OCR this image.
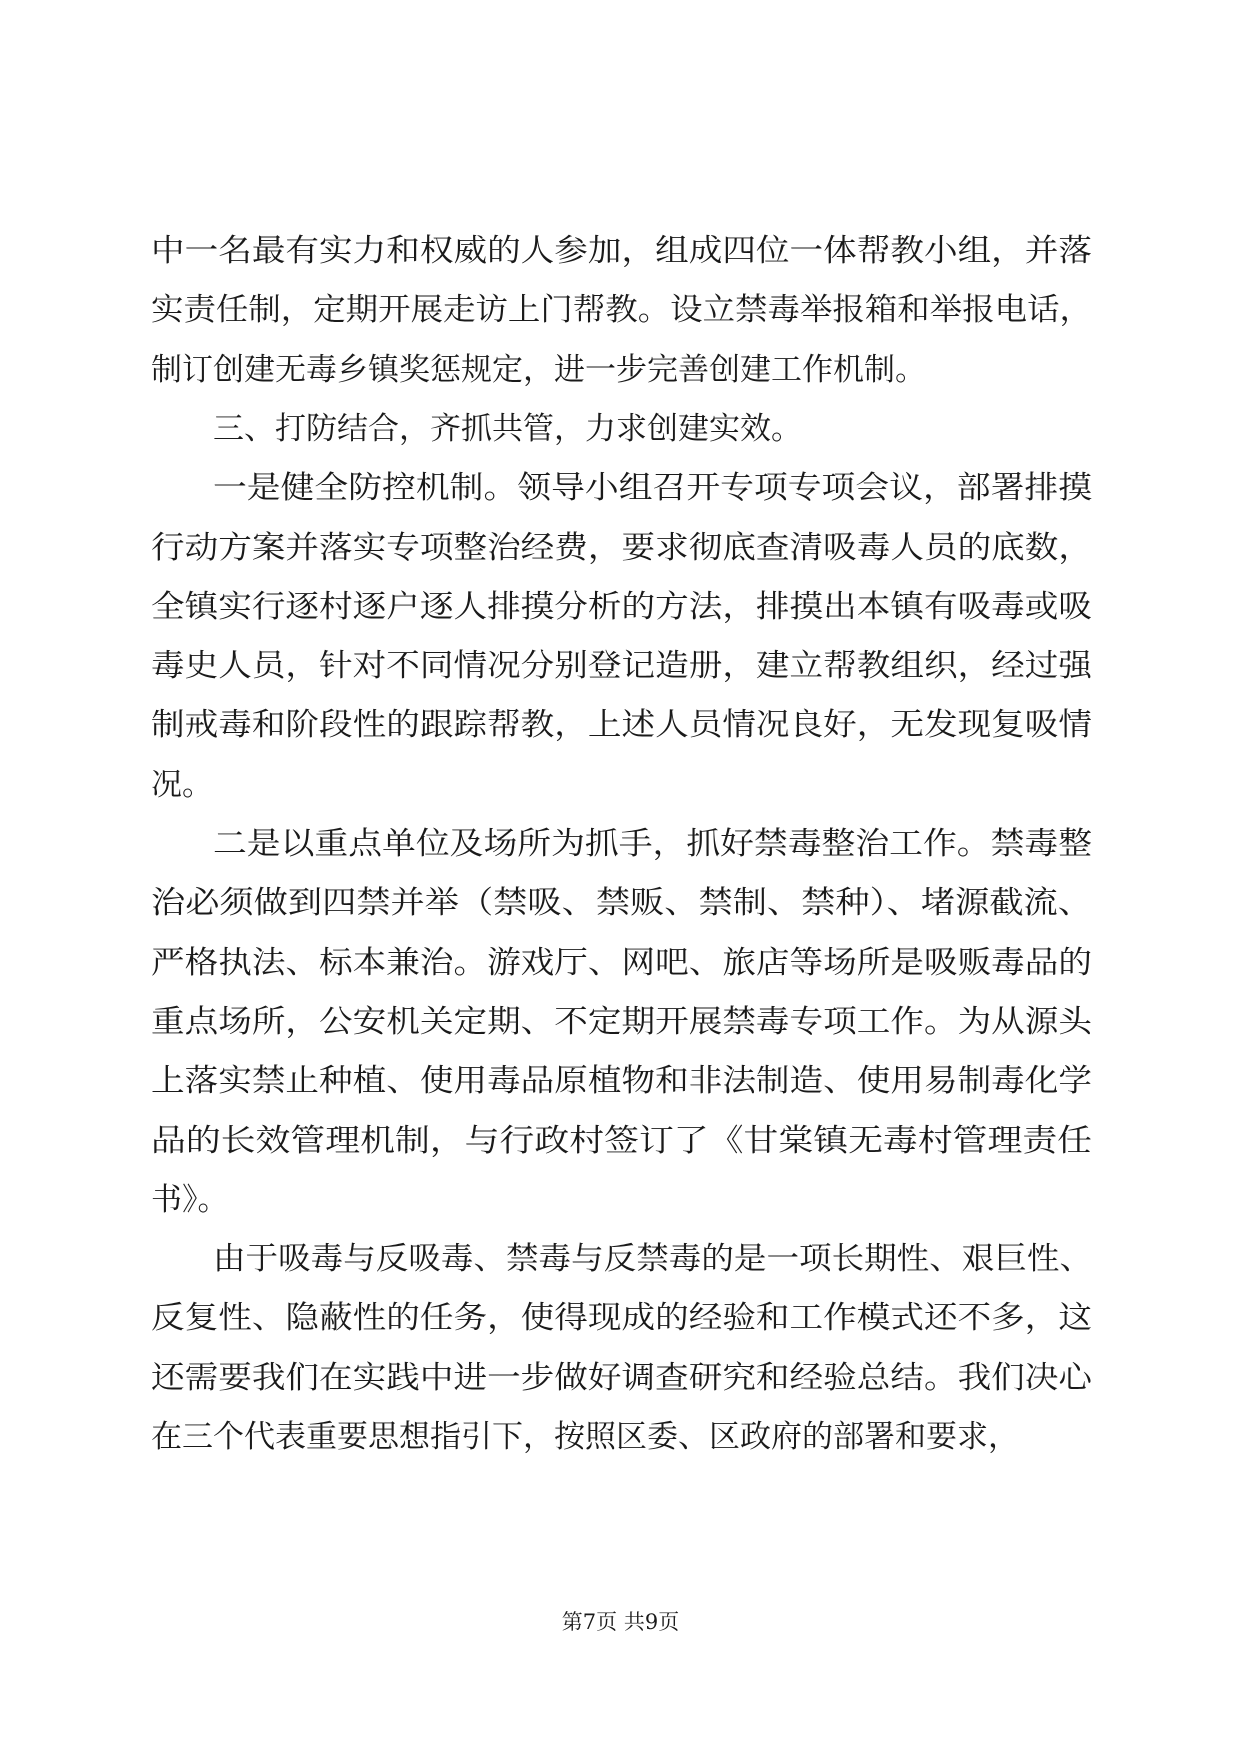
中一名最有实力和权威的人参加，组成四位一体帮教小组，并落
实责任制，定期开展走访上门帮教。设立禁毒举报箱和举报电话，
制订创建无毒乡镇奖惩规定，进一步完善创建工作机制。
三、打防结合，齐抓共管，力求创建实效。
一是健全防控机制。领导小组召开专项专项会议，部署排摸
行动方案并落实专项整治经费，要求彻底查清吸毒人员的底数，
全镇实行逐村逐户逐人排摸分析的方法，排摸出本镇有吸毒或吸
毒史人员，针对不同情况分别登记造册，建立帮教组织，经过强
制戒毒和阶段性的跟踪帮教，上述人员情况良好，无发现复吸情
况。
二是以重点单位及场所为抓手，抓好禁毒整治工作。禁毒整
治必须做到四禁并举（禁吸、禁贩、禁制、禁种）、堵源截流、
严格执法、标本兼治。游戏厅、网吧、旅店等场所是吸贩毒品的
重点场所，公安机关定期、不定期开展禁毒专项工作。为从源头
上落实禁止种植、使用毒品原植物和非法制造、使用易制毒化学
品的长效管理机制，与行政村签订了《甘棠镇无毒村管理责任
书》。
由于吸毒与反吸毒、禁毒与反禁毒的是一项长期性、艰巨性、
反复性、隐蔽性的任务，使得现成的经验和工作模式还不多，这
还需要我们在实践中进一步做好调查研究和经验总结。我们决心
在三个代表重要思想指引下，按照区委、区政府的部署和要求，
第7页 共9页
